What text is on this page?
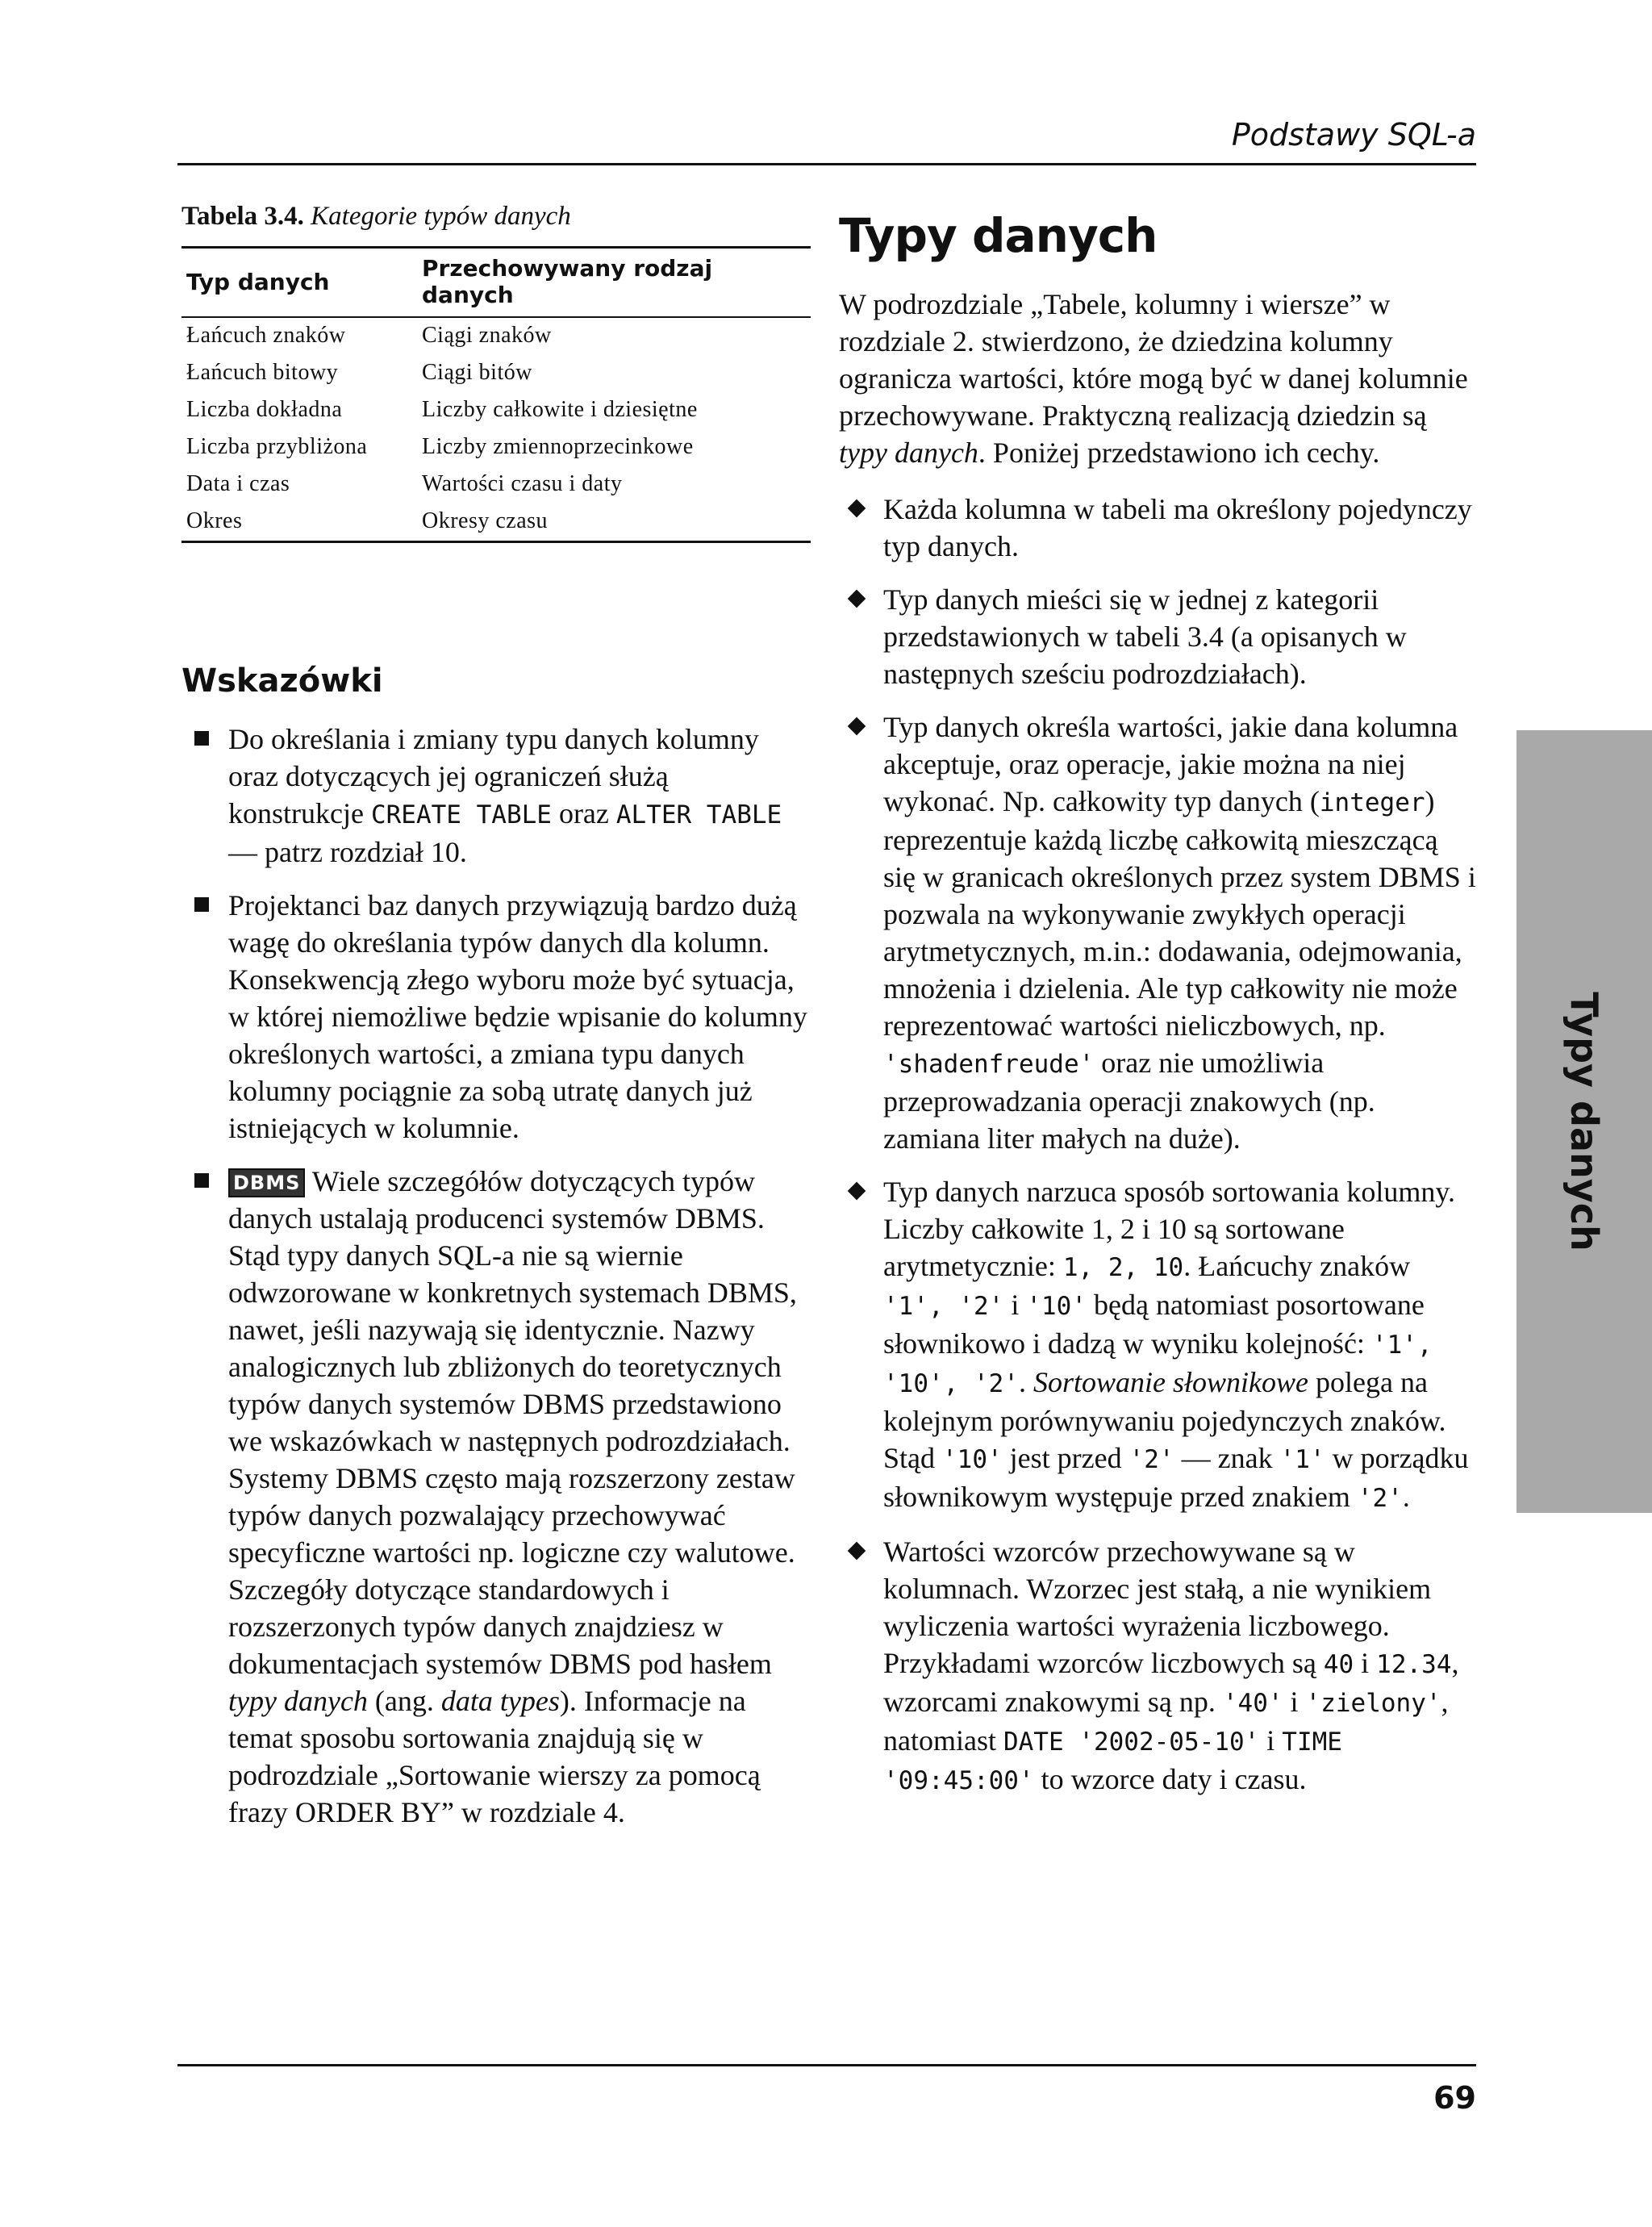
Podstawy SQL-a

Tabela 3.4. Kategorie typów danych

Typ danych	Przechowywany rodzaj danych
Łańcuch znaków	Ciągi znaków
Łańcuch bitowy	Ciągi bitów
Liczba dokładna	Liczby całkowite i dziesiętne
Liczba przybliżona	Liczby zmiennoprzecinkowe
Data i czas	Wartości czasu i daty
Okres	Okresy czasu
Wskazówki
Do określania i zmiany typu danych kolumny oraz dotyczących jej ograniczeń służą konstrukcje CREATE TABLE oraz ALTER TABLE — patrz rozdział 10.
Projektanci baz danych przywiązują bardzo dużą wagę do określania typów danych dla kolumn. Konsekwencją złego wyboru może być sytuacja, w której niemożliwe będzie wpisanie do kolumny określonych wartości, a zmiana typu danych kolumny pociągnie za sobą utratę danych już istniejących w kolumnie.
DBMS Wiele szczegółów dotyczących typów danych ustalają producenci systemów DBMS. Stąd typy danych SQL-a nie są wiernie odwzorowane w konkretnych systemach DBMS, nawet, jeśli nazywają się identycznie. Nazwy analogicznych lub zbliżonych do teoretycznych typów danych systemów DBMS przedstawiono we wskazówkach w następnych podrozdziałach. Systemy DBMS często mają rozszerzony zestaw typów danych pozwalający przechowywać specyficzne wartości np. logiczne czy walutowe. Szczegóły dotyczące standardowych i rozszerzonych typów danych znajdziesz w dokumentacjach systemów DBMS pod hasłem typy danych (ang. data types). Informacje na temat sposobu sortowania znajdują się w podrozdziale „Sortowanie wierszy za pomocą frazy ORDER BY” w rozdziale 4.
Typy danych

W podrozdziale „Tabele, kolumny i wiersze” w rozdziale 2. stwierdzono, że dziedzina kolumny ogranicza wartości, które mogą być w danej kolumnie przechowywane. Praktyczną realizacją dziedzin są typy danych. Poniżej przedstawiono ich cechy.

Każda kolumna w tabeli ma określony pojedynczy typ danych.
Typ danych mieści się w jednej z kategorii przedstawionych w tabeli 3.4 (a opisanych w następnych sześciu podrozdziałach).
Typ danych określa wartości, jakie dana kolumna akceptuje, oraz operacje, jakie można na niej wykonać. Np. całkowity typ danych (integer) reprezentuje każdą liczbę całkowitą mieszczącą się w granicach określonych przez system DBMS i pozwala na wykonywanie zwykłych operacji arytmetycznych, m.in.: dodawania, odejmowania, mnożenia i dzielenia. Ale typ całkowity nie może reprezentować wartości nieliczbowych, np. 'shadenfreude' oraz nie umożliwia przeprowadzania operacji znakowych (np. zamiana liter małych na duże).
Typ danych narzuca sposób sortowania kolumny. Liczby całkowite 1, 2 i 10 są sortowane arytmetycznie: 1, 2, 10. Łańcuchy znaków '1', '2' i '10' będą natomiast posortowane słownikowo i dadzą w wyniku kolejność: '1', '10', '2'. Sortowanie słownikowe polega na kolejnym porównywaniu pojedynczych znaków. Stąd '10' jest przed '2' — znak '1' w porządku słownikowym występuje przed znakiem '2'.
Wartości wzorców przechowywane są w kolumnach. Wzorzec jest stałą, a nie wynikiem wyliczenia wartości wyrażenia liczbowego. Przykładami wzorców liczbowych są 40 i 12.34, wzorcami znakowymi są np. '40' i 'zielony', natomiast DATE '2002-05-10' i TIME '09:45:00' to wzorce daty i czasu.
Typy danych
69
